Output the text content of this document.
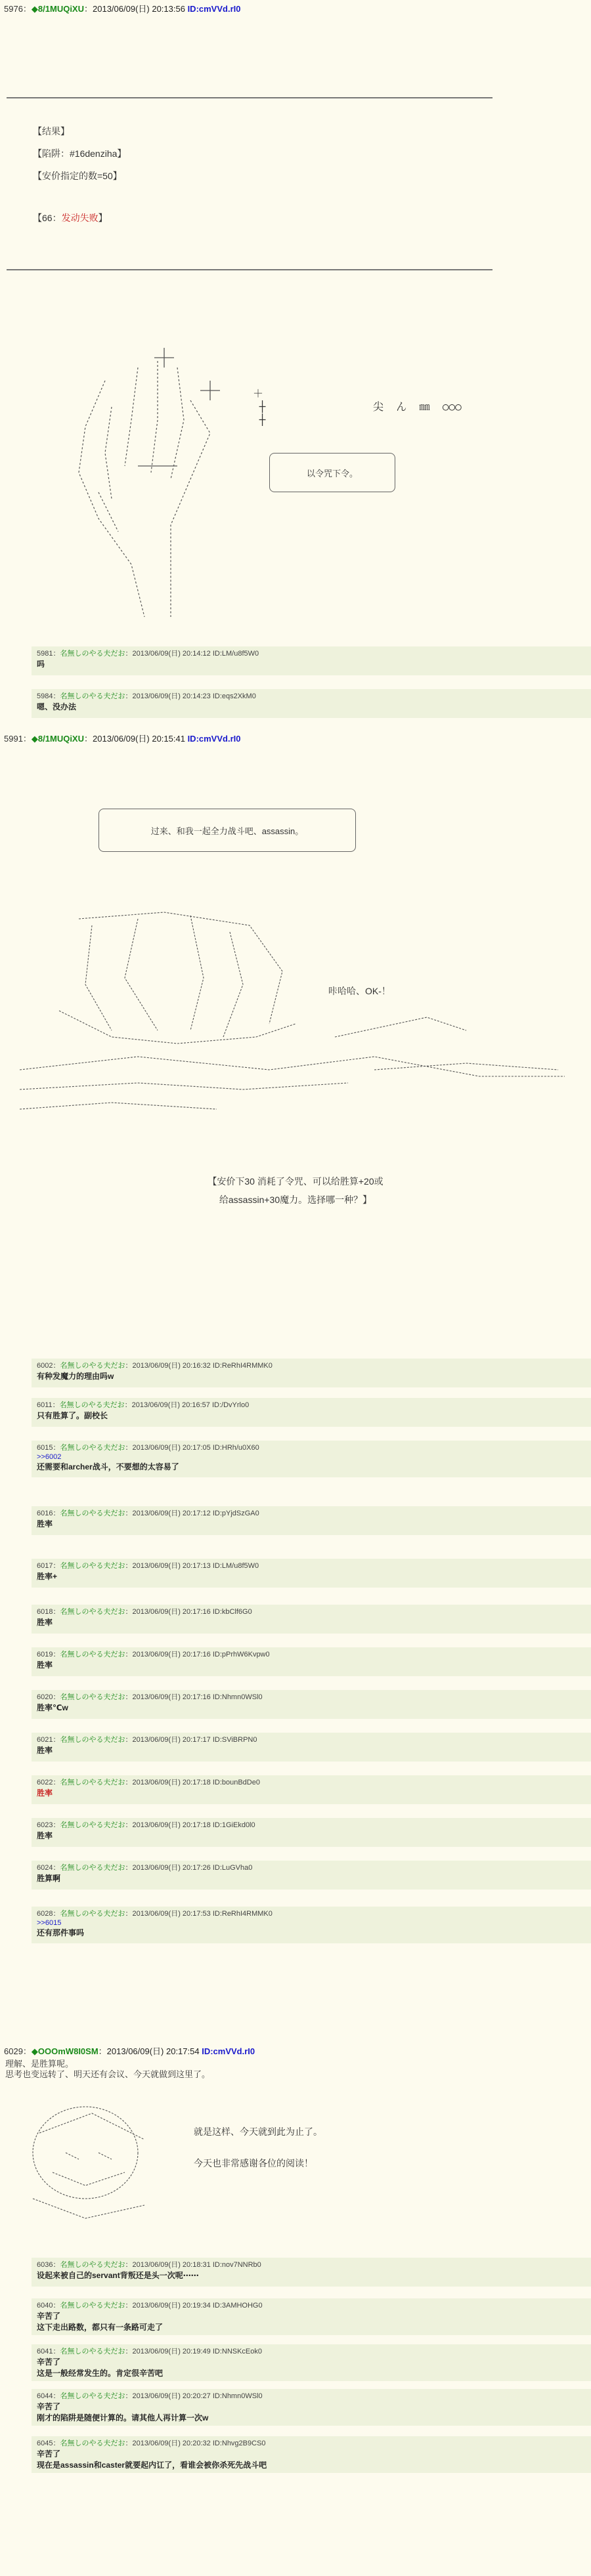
5976：◆8/1MUQiXU：2013/06/09(日) 20:13:56 ID:cmVVd.rI0
【结果】
【陷阱：#16denziha】
【安价指定的数=50】
【66：发动失败】
＋
┼                 尖  ん  ㎜  ○○○
┼
以令咒下令。
5981：名無しのやる夫だお：2013/06/09(日) 20:14:12 ID:LM/u8f5W0
吗
5984：名無しのやる夫だお：2013/06/09(日) 20:14:23 ID:eqs2XkM0
嗯、没办法
5991：◆8/1MUQiXU：2013/06/09(日) 20:15:41 ID:cmVVd.rI0
过来、和我一起全力战斗吧、assassin。
咔哈哈、OK-！
【安价下30 消耗了令咒、可以给胜算+20或
给assassin+30魔力。选择哪一种？】
6002：名無しのやる夫だお：2013/06/09(日) 20:16:32 ID:ReRhI4RMMK0
有种发魔力的理由吗w
6011：名無しのやる夫だお：2013/06/09(日) 20:16:57 ID:/DvYrlo0
只有胜算了。副校长
6015：名無しのやる夫だお：2013/06/09(日) 20:17:05 ID:HRh/u0X60
>>6002
还需要和archer战斗，不要想的太容易了
6016：名無しのやる夫だお：2013/06/09(日) 20:17:12 ID:pYjdSzGA0
胜率
6017：名無しのやる夫だお：2013/06/09(日) 20:17:13 ID:LM/u8f5W0
胜率+
6018：名無しのやる夫だお：2013/06/09(日) 20:17:16 ID:kbClf6G0
胜率
6019：名無しのやる夫だお：2013/06/09(日) 20:17:16 ID:pPrhW6Kvpw0
胜率
6020：名無しのやる夫だお：2013/06/09(日) 20:17:16 ID:Nhmn0WSl0
胜率℃w
6021：名無しのやる夫だお：2013/06/09(日) 20:17:17 ID:SViBRPN0
胜率
6022：名無しのやる夫だお：2013/06/09(日) 20:17:18 ID:bounBdDe0
胜率
6023：名無しのやる夫だお：2013/06/09(日) 20:17:18 ID:1GiEkd0l0
胜率
6024：名無しのやる夫だお：2013/06/09(日) 20:17:26 ID:LuGVha0
胜算啊
6028：名無しのやる夫だお：2013/06/09(日) 20:17:53 ID:ReRhI4RMMK0
>>6015
还有那件事吗
6029：◆OOOmW8I0SM：2013/06/09(日) 20:17:54 ID:cmVVd.rI0
理解、是胜算呢。
思考也变远转了、明天还有会议、今天就做到这里了。
就是这样、今天就到此为止了。
今天也非常感谢各位的阅读！
6036：名無しのやる夫だお：2013/06/09(日) 20:18:31 ID:nov7NNRb0
设起来被自己的servant背叛还是头一次呢⋯⋯
6040：名無しのやる夫だお：2013/06/09(日) 20:19:34 ID:3AMHOHG0
辛苦了
这下走出路数，都只有一条路可走了
6041：名無しのやる夫だお：2013/06/09(日) 20:19:49 ID:NNSKcEok0
辛苦了
这是一般经常发生的。肯定很辛苦吧
6044：名無しのやる夫だお：2013/06/09(日) 20:20:27 ID:Nhmn0WSl0
辛苦了
刚才的陷阱是随便计算的。请其他人再计算一次w
6045：名無しのやる夫だお：2013/06/09(日) 20:20:32 ID:Nhvg2B9CS0
辛苦了
现在是assassin和caster就要起内讧了，看谁会被你杀死先战斗吧
